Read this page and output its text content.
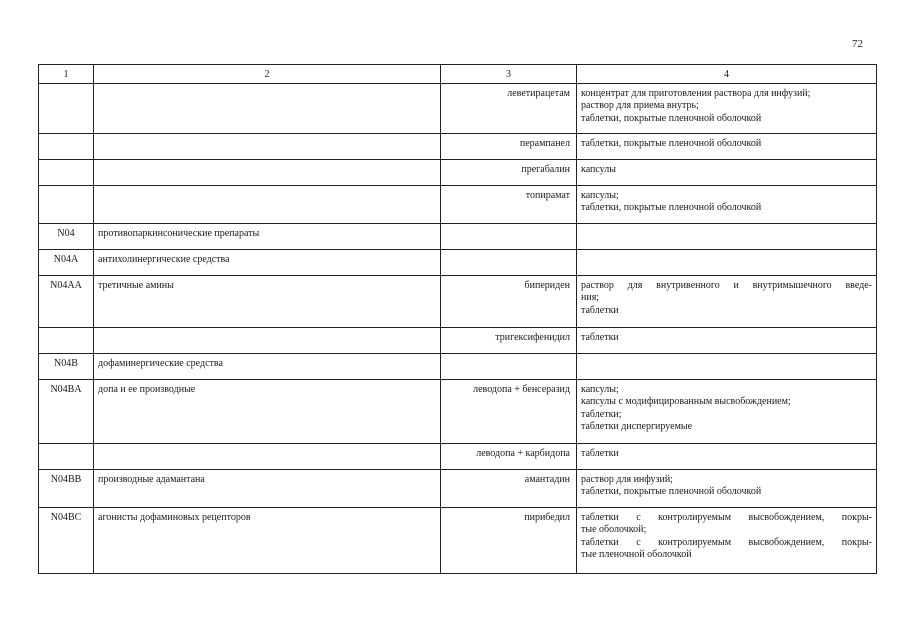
72
1	2	3	4
		леветирацетам	концентрат для приготовления раствора для инфузий;
раствор для приема внутрь;
таблетки, покрытые пленочной оболочкой

		перампанел	таблетки, покрытые пленочной оболочкой

		прегабалин	капсулы

		топирамат	капсулы;
таблетки, покрытые пленочной оболочкой

N04	противопаркинсонические препараты		
N04A	антихолинергические средства		
N04AA	третичные амины	бипериден	раствор для внутривенного и внутримышечного введе-
ния;
таблетки

		тригексифенидил	таблетки

N04B	дофаминергические средства		
N04BA	допа и ее производные	леводопа + бенсеразид	капсулы;
капсулы с модифицированным высвобождением;
таблетки;
таблетки диспергируемые

		леводопа + карбидопа	таблетки

N04BB	производные адамантана	амантадин	раствор для инфузий;
таблетки, покрытые пленочной оболочкой

N04BC	агонисты дофаминовых рецепторов	пирибедил	таблетки с контролируемым высвобождением, покры-
тые оболочкой;
таблетки с контролируемым высвобождением, покры-
тые пленочной оболочкой
